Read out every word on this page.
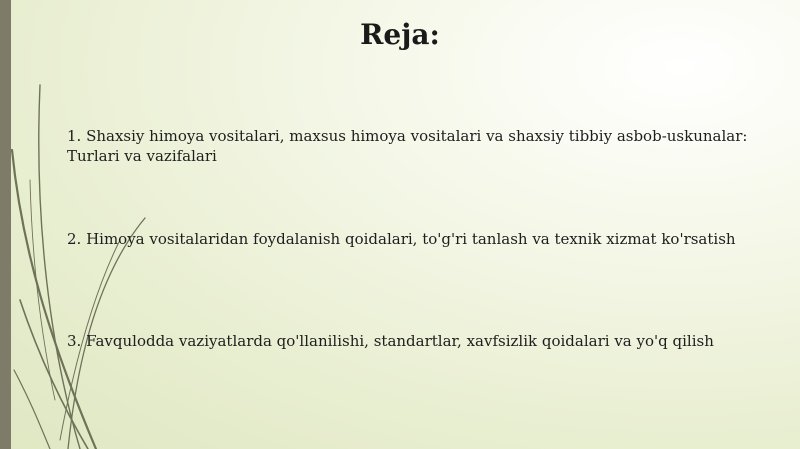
Reja:
1. Shaxsiy himoya vositalari, maxsus himoya vositalari va shaxsiy tibbiy asbob-uskunalar: Turlari va vazifalari
2. Himoya vositalaridan foydalanish qoidalari, to'g'ri tanlash va texnik xizmat ko'rsatish
3. Favqulodda vaziyatlarda qo'llanilishi, standartlar, xavfsizlik qoidalari va yo'q qilish
